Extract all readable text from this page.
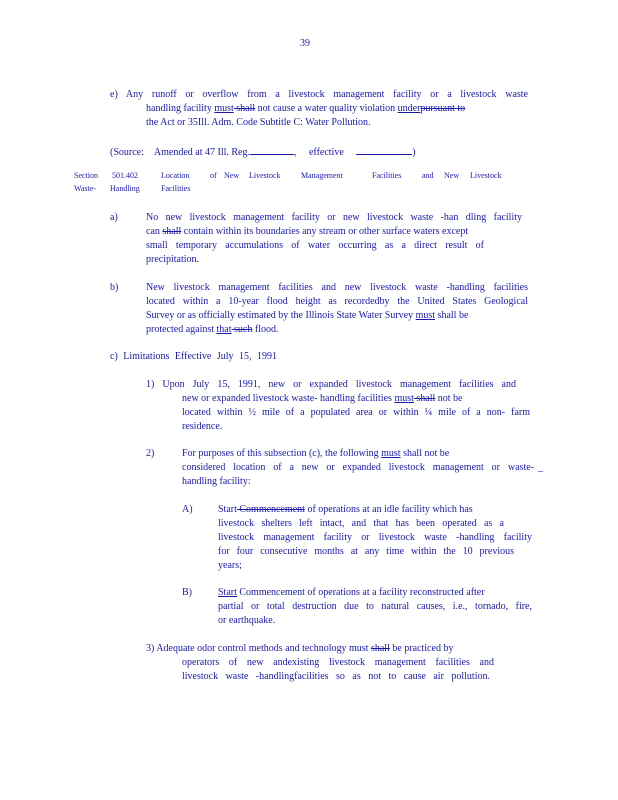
39
e) Any runoff or overflow from a livestock management facility or a livestock waste
handling facility must shall not cause a water quality violation underpursuant to
the Act or 35Ill. Adm. Code Subtitle C: Water Pollution.
(Source: Amended at 47 Ill. Reg.	, effective	)
Section 501.402	Location	of New Livestock	Management	Facilities	and New Livestock
Waste- Handling	Facilities
a)	No new livestock management facility or new livestock waste -han dling facility
can shall contain within its boundaries any stream or other surface waters except
small temporary accumulations of water occurring as a direct result of
precipitation.
b)	New livestock management facilities and new livestock waste -handling facilities
located within a 10-year flood height as recordedby the United States Geological
Survey or as officially estimated by the Illinois State Water Survey must shall be
protected against that such flood.
c) Limitations Effective July 15, 1991
1) Upon July 15, 1991, new or expanded livestock management facilities and
new or expanded livestock waste- handling facilities must shall not be
located within ½ mile of a populated area or within ¼ mile of a non- farm
residence.
2)	For purposes of this subsection (c), the following must shall not be
considered location of a new or expanded livestock management or waste- _
handling facility:
A)	Start Commencement of operations at an idle facility which has
livestock shelters left intact, and that has been operated as a
livestock management facility or livestock waste -handling facility
for four consecutive months at any time within the 10 previous
years;
B)	Start Commencement of operations at a facility reconstructed after
partial or total destruction due to natural causes, i.e., tornado, fire,
or earthquake.
3) Adequate odor control methods and technology must shall be practiced by
operators of new andexisting livestock management facilities and
livestock waste -handlingfacilities so as not to cause air pollution.
